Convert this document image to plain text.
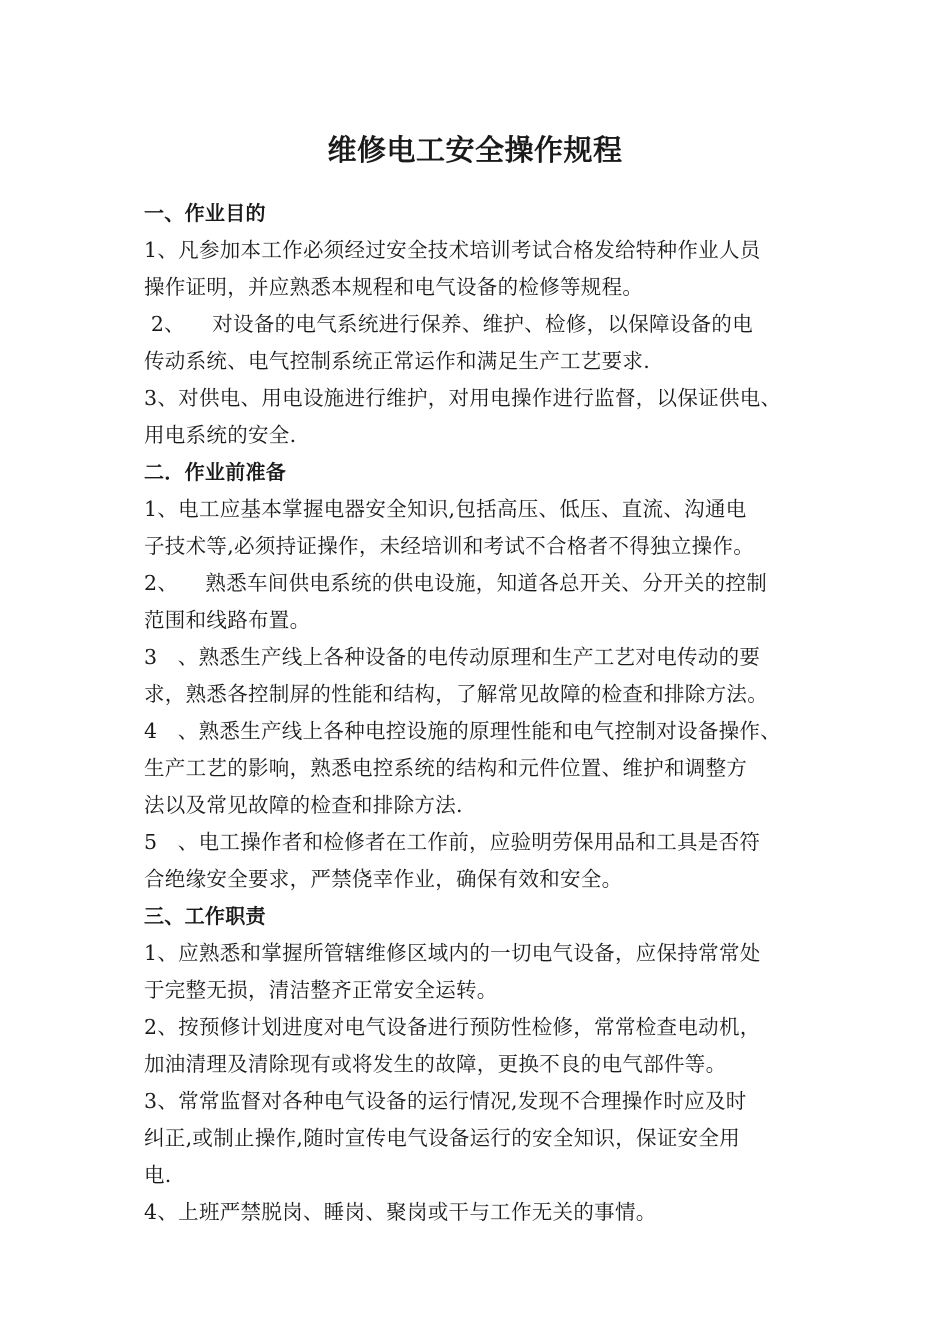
维修电工安全操作规程
一、作业目的
1、凡参加本工作必须经过安全技术培训考试合格发给特种作业人员
操作证明，并应熟悉本规程和电气设备的检修等规程。
2、    对设备的电气系统进行保养、维护、检修，以保障设备的电
传动系统、电气控制系统正常运作和满足生产工艺要求.
3、对供电、用电设施进行维护，对用电操作进行监督，以保证供电、
用电系统的安全.
二．作业前准备
1、电工应基本掌握电器安全知识,包括高压、低压、直流、沟通电
子技术等,必须持证操作，未经培训和考试不合格者不得独立操作。
2、    熟悉车间供电系统的供电设施，知道各总开关、分开关的控制
范围和线路布置。
3   、熟悉生产线上各种设备的电传动原理和生产工艺对电传动的要
求，熟悉各控制屏的性能和结构，了解常见故障的检查和排除方法。
4   、熟悉生产线上各种电控设施的原理性能和电气控制对设备操作、
生产工艺的影响，熟悉电控系统的结构和元件位置、维护和调整方
法以及常见故障的检查和排除方法.
5   、电工操作者和检修者在工作前，应验明劳保用品和工具是否符
合绝缘安全要求，严禁侥幸作业，确保有效和安全。
三、工作职责
1、应熟悉和掌握所管辖维修区域内的一切电气设备，应保持常常处
于完整无损，清洁整齐正常安全运转。
2、按预修计划进度对电气设备进行预防性检修，常常检查电动机，
加油清理及清除现有或将发生的故障，更换不良的电气部件等。
3、常常监督对各种电气设备的运行情况,发现不合理操作时应及时
纠正,或制止操作,随时宣传电气设备运行的安全知识，保证安全用
电.
4、上班严禁脱岗、睡岗、聚岗或干与工作无关的事情。
